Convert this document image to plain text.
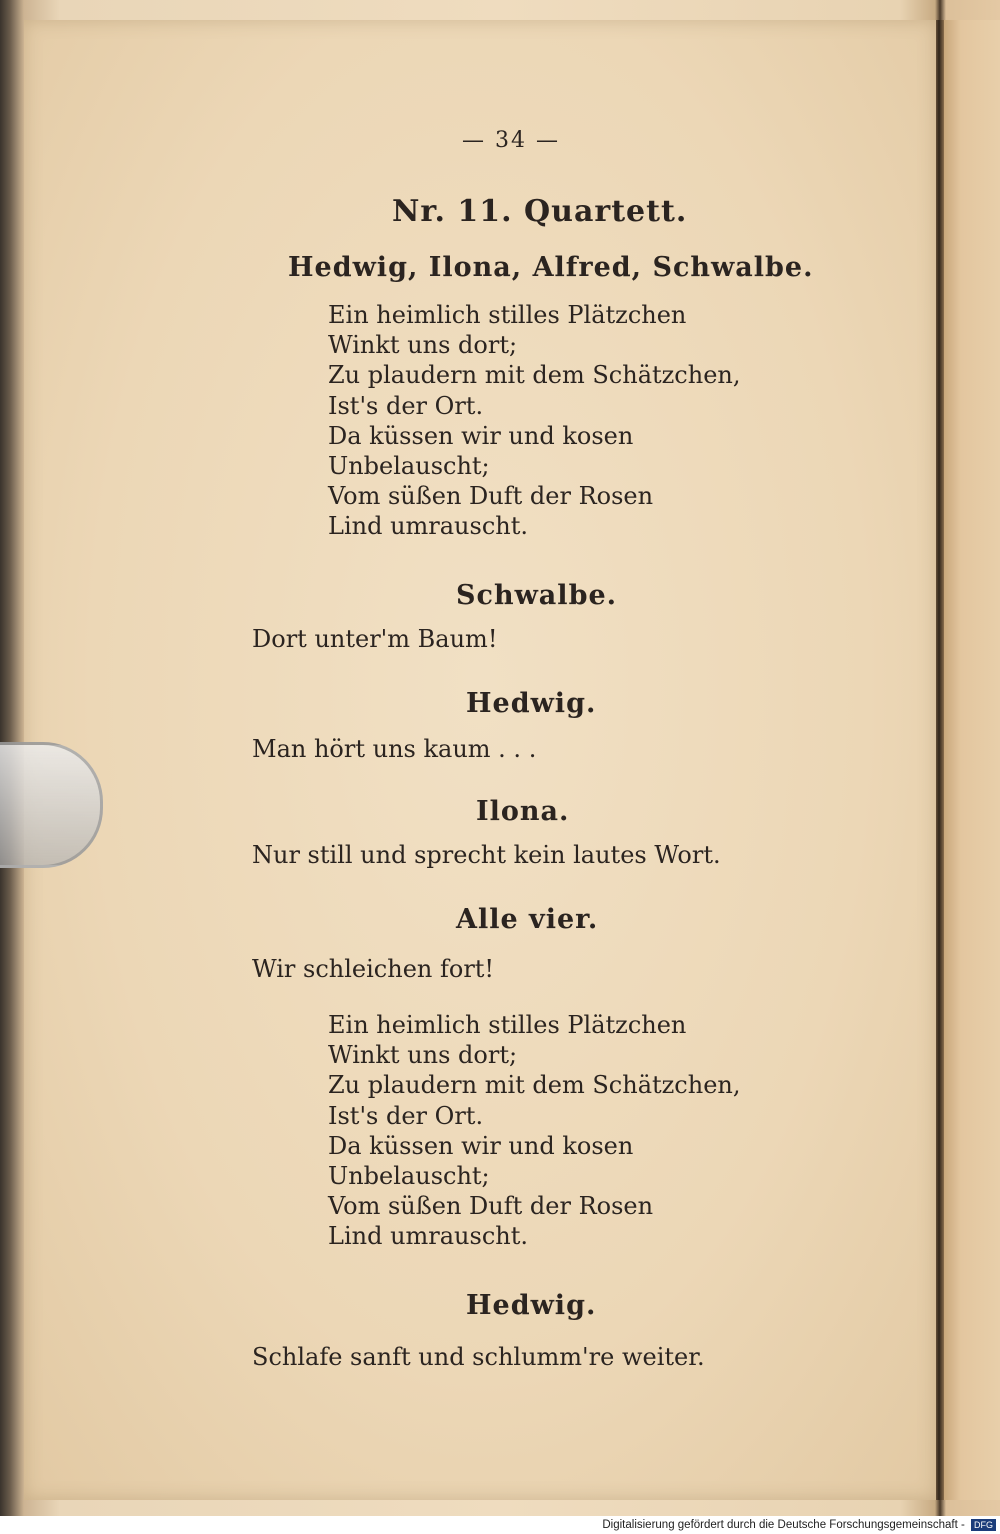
— 34 —
Nr. 11. Quartett.
Hedwig, Ilona, Alfred, Schwalbe.
Ein heimlich stilles Plätzchen
Winkt uns dort;
Zu plaudern mit dem Schätzchen,
Ist's der Ort.
Da küssen wir und kosen
Unbelauscht;
Vom süßen Duft der Rosen
Lind umrauscht.
Schwalbe.
Dort unter'm Baum!
Hedwig.
Man hört uns kaum . . .
Ilona.
Nur still und sprecht kein lautes Wort.
Alle vier.
Wir schleichen fort!
Ein heimlich stilles Plätzchen
Winkt uns dort;
Zu plaudern mit dem Schätzchen,
Ist's der Ort.
Da küssen wir und kosen
Unbelauscht;
Vom süßen Duft der Rosen
Lind umrauscht.
Hedwig.
Schlafe sanft und schlumm're weiter.
Digitalisierung gefördert durch die Deutsche Forschungsgemeinschaft - DFG
